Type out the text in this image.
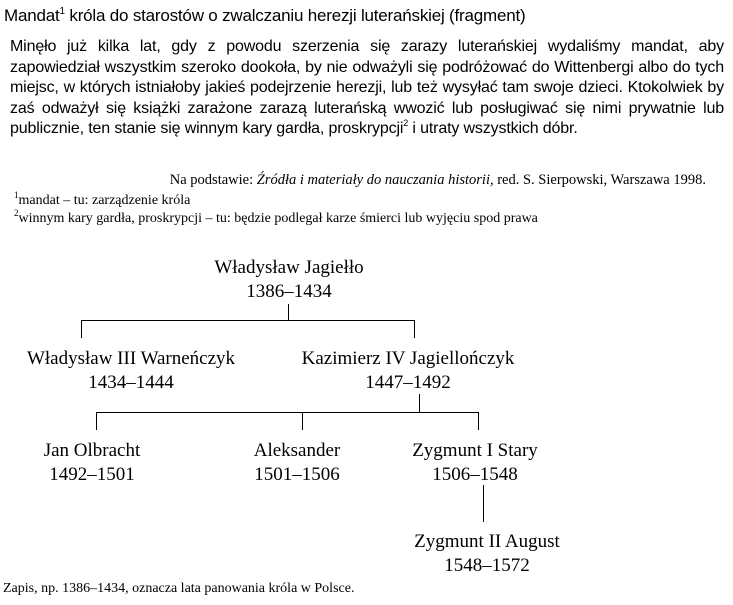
Mandat$^1$ króla do starostów o zwalczaniu herezji luterańskiej (fragment)
Minęło już kilka lat, gdy z powodu szerzenia się zarazy luterańskiej wydaliśmy mandat, aby zapowiedział wszystkim szeroko dookoła, by nie odważyli się podróżować do Wittenbergi albo do tych miejsc, w których istniałoby jakieś podejrzenie herezji, lub też wysyłać tam swoje dzieci. Ktokolwiek by zaś odważył się książki zarażone zarazą luterańską wwozić lub posługiwać się nimi prywatnie lub publicznie, ten stanie się winnym kary gardła, proskrypcji$^2$ i utraty wszystkich dóbr.
Na podstawie: Źródła i materiały do nauczania historii, red. S. Sierpowski, Warszawa 1998.
$^1$mandat – tu: zarządzenie króla
$^2$winnym kary gardła, proskrypcji – tu: będzie podlegał karze śmierci lub wyjęciu spod prawa
Władysław Jagiełło
1386–1434
Władysław III Warneńczyk
1434–1444
Kazimierz IV Jagiellończyk
1447–1492
Jan Olbracht
1492–1501
Aleksander
1501–1506
Zygmunt I Stary
1506–1548
Zygmunt II August
1548–1572
Zapis, np. 1386–1434, oznacza lata panowania króla w Polsce.
